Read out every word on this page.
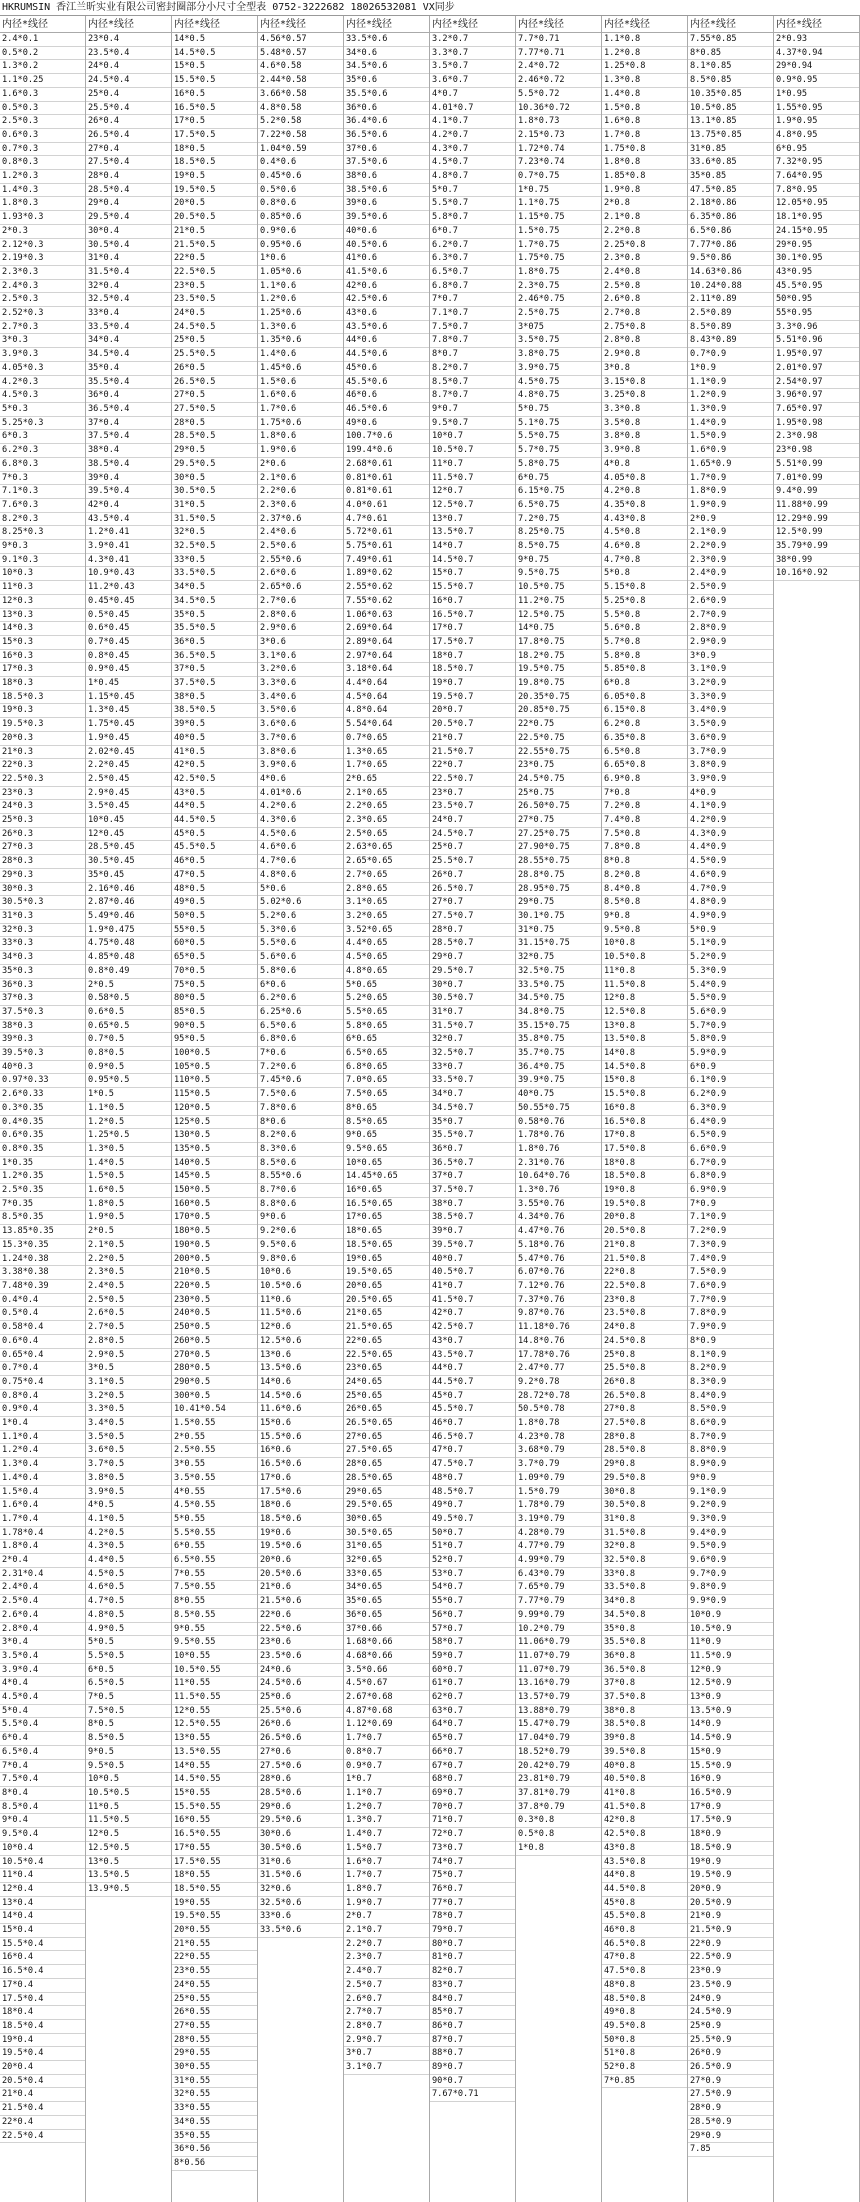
HKRUMSIN 香江兰昕实业有限公司密封圈部分小尺寸全型表 0752-3222682 18026532081 VX同步
内径*线径
2.4*0.1
0.5*0.2
1.3*0.2
1.1*0.25
1.6*0.3
0.5*0.3
2.5*0.3
0.6*0.3
0.7*0.3
0.8*0.3
1.2*0.3
1.4*0.3
1.8*0.3
1.93*0.3
2*0.3
2.12*0.3
2.19*0.3
2.3*0.3
2.4*0.3
2.5*0.3
2.52*0.3
2.7*0.3
3*0.3
3.9*0.3
4.05*0.3
4.2*0.3
4.5*0.3
5*0.3
5.25*0.3
6*0.3
6.2*0.3
6.8*0.3
7*0.3
7.1*0.3
7.6*0.3
8.2*0.3
8.25*0.3
9*0.3
9.1*0.3
10*0.3
11*0.3
12*0.3
13*0.3
14*0.3
15*0.3
16*0.3
17*0.3
18*0.3
18.5*0.3
19*0.3
19.5*0.3
20*0.3
21*0.3
22*0.3
22.5*0.3
23*0.3
24*0.3
25*0.3
26*0.3
27*0.3
28*0.3
29*0.3
30*0.3
30.5*0.3
31*0.3
32*0.3
33*0.3
34*0.3
35*0.3
36*0.3
37*0.3
37.5*0.3
38*0.3
39*0.3
39.5*0.3
40*0.3
0.97*0.33
2.6*0.33
0.3*0.35
0.4*0.35
0.6*0.35
0.8*0.35
1*0.35
1.2*0.35
2.5*0.35
7*0.35
8.5*0.35
13.85*0.35
15.3*0.35
1.24*0.38
3.38*0.38
7.48*0.39
0.4*0.4
0.5*0.4
0.58*0.4
0.6*0.4
0.65*0.4
0.7*0.4
0.75*0.4
0.8*0.4
0.9*0.4
1*0.4
1.1*0.4
1.2*0.4
1.3*0.4
1.4*0.4
1.5*0.4
1.6*0.4
1.7*0.4
1.78*0.4
1.8*0.4
2*0.4
2.31*0.4
2.4*0.4
2.5*0.4
2.6*0.4
2.8*0.4
3*0.4
3.5*0.4
3.9*0.4
4*0.4
4.5*0.4
5*0.4
5.5*0.4
6*0.4
6.5*0.4
7*0.4
7.5*0.4
8*0.4
8.5*0.4
9*0.4
9.5*0.4
10*0.4
10.5*0.4
11*0.4
12*0.4
13*0.4
14*0.4
15*0.4
15.5*0.4
16*0.4
16.5*0.4
17*0.4
17.5*0.4
18*0.4
18.5*0.4
19*0.4
19.5*0.4
20*0.4
20.5*0.4
21*0.4
21.5*0.4
22*0.4
22.5*0.4
内径*线径
23*0.4
23.5*0.4
24*0.4
24.5*0.4
25*0.4
25.5*0.4
26*0.4
26.5*0.4
27*0.4
27.5*0.4
28*0.4
28.5*0.4
29*0.4
29.5*0.4
30*0.4
30.5*0.4
31*0.4
31.5*0.4
32*0.4
32.5*0.4
33*0.4
33.5*0.4
34*0.4
34.5*0.4
35*0.4
35.5*0.4
36*0.4
36.5*0.4
37*0.4
37.5*0.4
38*0.4
38.5*0.4
39*0.4
39.5*0.4
42*0.4
43.5*0.4
1.2*0.41
3.9*0.41
4.3*0.41
10.9*0.43
11.2*0.43
0.45*0.45
0.5*0.45
0.6*0.45
0.7*0.45
0.8*0.45
0.9*0.45
1*0.45
1.15*0.45
1.3*0.45
1.75*0.45
1.9*0.45
2.02*0.45
2.2*0.45
2.5*0.45
2.9*0.45
3.5*0.45
10*0.45
12*0.45
28.5*0.45
30.5*0.45
35*0.45
2.16*0.46
2.87*0.46
5.49*0.46
1.9*0.475
4.75*0.48
4.85*0.48
0.8*0.49
2*0.5
0.58*0.5
0.6*0.5
0.65*0.5
0.7*0.5
0.8*0.5
0.9*0.5
0.95*0.5
1*0.5
1.1*0.5
1.2*0.5
1.25*0.5
1.3*0.5
1.4*0.5
1.5*0.5
1.6*0.5
1.8*0.5
1.9*0.5
2*0.5
2.1*0.5
2.2*0.5
2.3*0.5
2.4*0.5
2.5*0.5
2.6*0.5
2.7*0.5
2.8*0.5
2.9*0.5
3*0.5
3.1*0.5
3.2*0.5
3.3*0.5
3.4*0.5
3.5*0.5
3.6*0.5
3.7*0.5
3.8*0.5
3.9*0.5
4*0.5
4.1*0.5
4.2*0.5
4.3*0.5
4.4*0.5
4.5*0.5
4.6*0.5
4.7*0.5
4.8*0.5
4.9*0.5
5*0.5
5.5*0.5
6*0.5
6.5*0.5
7*0.5
7.5*0.5
8*0.5
8.5*0.5
9*0.5
9.5*0.5
10*0.5
10.5*0.5
11*0.5
11.5*0.5
12*0.5
12.5*0.5
13*0.5
13.5*0.5
13.9*0.5
内径*线径
14*0.5
14.5*0.5
15*0.5
15.5*0.5
16*0.5
16.5*0.5
17*0.5
17.5*0.5
18*0.5
18.5*0.5
19*0.5
19.5*0.5
20*0.5
20.5*0.5
21*0.5
21.5*0.5
22*0.5
22.5*0.5
23*0.5
23.5*0.5
24*0.5
24.5*0.5
25*0.5
25.5*0.5
26*0.5
26.5*0.5
27*0.5
27.5*0.5
28*0.5
28.5*0.5
29*0.5
29.5*0.5
30*0.5
30.5*0.5
31*0.5
31.5*0.5
32*0.5
32.5*0.5
33*0.5
33.5*0.5
34*0.5
34.5*0.5
35*0.5
35.5*0.5
36*0.5
36.5*0.5
37*0.5
37.5*0.5
38*0.5
38.5*0.5
39*0.5
40*0.5
41*0.5
42*0.5
42.5*0.5
43*0.5
44*0.5
44.5*0.5
45*0.5
45.5*0.5
46*0.5
47*0.5
48*0.5
49*0.5
50*0.5
55*0.5
60*0.5
65*0.5
70*0.5
75*0.5
80*0.5
85*0.5
90*0.5
95*0.5
100*0.5
105*0.5
110*0.5
115*0.5
120*0.5
125*0.5
130*0.5
135*0.5
140*0.5
145*0.5
150*0.5
160*0.5
170*0.5
180*0.5
190*0.5
200*0.5
210*0.5
220*0.5
230*0.5
240*0.5
250*0.5
260*0.5
270*0.5
280*0.5
290*0.5
300*0.5
10.41*0.54
1.5*0.55
2*0.55
2.5*0.55
3*0.55
3.5*0.55
4*0.55
4.5*0.55
5*0.55
5.5*0.55
6*0.55
6.5*0.55
7*0.55
7.5*0.55
8*0.55
8.5*0.55
9*0.55
9.5*0.55
10*0.55
10.5*0.55
11*0.55
11.5*0.55
12*0.55
12.5*0.55
13*0.55
13.5*0.55
14*0.55
14.5*0.55
15*0.55
15.5*0.55
16*0.55
16.5*0.55
17*0.55
17.5*0.55
18*0.55
18.5*0.55
19*0.55
19.5*0.55
20*0.55
21*0.55
22*0.55
23*0.55
24*0.55
25*0.55
26*0.55
27*0.55
28*0.55
29*0.55
30*0.55
31*0.55
32*0.55
33*0.55
34*0.55
35*0.55
36*0.56
8*0.56
内径*线径
4.56*0.57
5.48*0.57
4.6*0.58
2.44*0.58
3.66*0.58
4.8*0.58
5.2*0.58
7.22*0.58
1.04*0.59
0.4*0.6
0.45*0.6
0.5*0.6
0.8*0.6
0.85*0.6
0.9*0.6
0.95*0.6
1*0.6
1.05*0.6
1.1*0.6
1.2*0.6
1.25*0.6
1.3*0.6
1.35*0.6
1.4*0.6
1.45*0.6
1.5*0.6
1.6*0.6
1.7*0.6
1.75*0.6
1.8*0.6
1.9*0.6
2*0.6
2.1*0.6
2.2*0.6
2.3*0.6
2.37*0.6
2.4*0.6
2.5*0.6
2.55*0.6
2.6*0.6
2.65*0.6
2.7*0.6
2.8*0.6
2.9*0.6
3*0.6
3.1*0.6
3.2*0.6
3.3*0.6
3.4*0.6
3.5*0.6
3.6*0.6
3.7*0.6
3.8*0.6
3.9*0.6
4*0.6
4.01*0.6
4.2*0.6
4.3*0.6
4.5*0.6
4.6*0.6
4.7*0.6
4.8*0.6
5*0.6
5.02*0.6
5.2*0.6
5.3*0.6
5.5*0.6
5.6*0.6
5.8*0.6
6*0.6
6.2*0.6
6.25*0.6
6.5*0.6
6.8*0.6
7*0.6
7.2*0.6
7.45*0.6
7.5*0.6
7.8*0.6
8*0.6
8.2*0.6
8.3*0.6
8.5*0.6
8.55*0.6
8.7*0.6
8.8*0.6
9*0.6
9.2*0.6
9.5*0.6
9.8*0.6
10*0.6
10.5*0.6
11*0.6
11.5*0.6
12*0.6
12.5*0.6
13*0.6
13.5*0.6
14*0.6
14.5*0.6
11.6*0.6
15*0.6
15.5*0.6
16*0.6
16.5*0.6
17*0.6
17.5*0.6
18*0.6
18.5*0.6
19*0.6
19.5*0.6
20*0.6
20.5*0.6
21*0.6
21.5*0.6
22*0.6
22.5*0.6
23*0.6
23.5*0.6
24*0.6
24.5*0.6
25*0.6
25.5*0.6
26*0.6
26.5*0.6
27*0.6
27.5*0.6
28*0.6
28.5*0.6
29*0.6
29.5*0.6
30*0.6
30.5*0.6
31*0.6
31.5*0.6
32*0.6
32.5*0.6
33*0.6
33.5*0.6
内径*线径
33.5*0.6
34*0.6
34.5*0.6
35*0.6
35.5*0.6
36*0.6
36.4*0.6
36.5*0.6
37*0.6
37.5*0.6
38*0.6
38.5*0.6
39*0.6
39.5*0.6
40*0.6
40.5*0.6
41*0.6
41.5*0.6
42*0.6
42.5*0.6
43*0.6
43.5*0.6
44*0.6
44.5*0.6
45*0.6
45.5*0.6
46*0.6
46.5*0.6
49*0.6
100.7*0.6
199.4*0.6
2.68*0.61
0.81*0.61
0.81*0.61
4.0*0.61
4.7*0.61
5.72*0.61
5.75*0.61
7.49*0.61
1.89*0.62
2.55*0.62
7.55*0.62
1.06*0.63
2.69*0.64
2.89*0.64
2.97*0.64
3.18*0.64
4.4*0.64
4.5*0.64
4.8*0.64
5.54*0.64
0.7*0.65
1.3*0.65
1.7*0.65
2*0.65
2.1*0.65
2.2*0.65
2.3*0.65
2.5*0.65
2.63*0.65
2.65*0.65
2.7*0.65
2.8*0.65
3.1*0.65
3.2*0.65
3.52*0.65
4.4*0.65
4.5*0.65
4.8*0.65
5*0.65
5.2*0.65
5.5*0.65
5.8*0.65
6*0.65
6.5*0.65
6.8*0.65
7.0*0.65
7.5*0.65
8*0.65
8.5*0.65
9*0.65
9.5*0.65
10*0.65
14.45*0.65
16*0.65
16.5*0.65
17*0.65
18*0.65
18.5*0.65
19*0.65
19.5*0.65
20*0.65
20.5*0.65
21*0.65
21.5*0.65
22*0.65
22.5*0.65
23*0.65
24*0.65
25*0.65
26*0.65
26.5*0.65
27*0.65
27.5*0.65
28*0.65
28.5*0.65
29*0.65
29.5*0.65
30*0.65
30.5*0.65
31*0.65
32*0.65
33*0.65
34*0.65
35*0.65
36*0.65
37*0.66
1.68*0.66
4.68*0.66
3.5*0.66
4.5*0.67
2.67*0.68
4.87*0.68
1.12*0.69
1.7*0.7
0.8*0.7
0.9*0.7
1*0.7
1.1*0.7
1.2*0.7
1.3*0.7
1.4*0.7
1.5*0.7
1.6*0.7
1.7*0.7
1.8*0.7
1.9*0.7
2*0.7
2.1*0.7
2.2*0.7
2.3*0.7
2.4*0.7
2.5*0.7
2.6*0.7
2.7*0.7
2.8*0.7
2.9*0.7
3*0.7
3.1*0.7
内径*线径
3.2*0.7
3.3*0.7
3.5*0.7
3.6*0.7
4*0.7
4.01*0.7
4.1*0.7
4.2*0.7
4.3*0.7
4.5*0.7
4.8*0.7
5*0.7
5.5*0.7
5.8*0.7
6*0.7
6.2*0.7
6.3*0.7
6.5*0.7
6.8*0.7
7*0.7
7.1*0.7
7.5*0.7
7.8*0.7
8*0.7
8.2*0.7
8.5*0.7
8.7*0.7
9*0.7
9.5*0.7
10*0.7
10.5*0.7
11*0.7
11.5*0.7
12*0.7
12.5*0.7
13*0.7
13.5*0.7
14*0.7
14.5*0.7
15*0.7
15.5*0.7
16*0.7
16.5*0.7
17*0.7
17.5*0.7
18*0.7
18.5*0.7
19*0.7
19.5*0.7
20*0.7
20.5*0.7
21*0.7
21.5*0.7
22*0.7
22.5*0.7
23*0.7
23.5*0.7
24*0.7
24.5*0.7
25*0.7
25.5*0.7
26*0.7
26.5*0.7
27*0.7
27.5*0.7
28*0.7
28.5*0.7
29*0.7
29.5*0.7
30*0.7
30.5*0.7
31*0.7
31.5*0.7
32*0.7
32.5*0.7
33*0.7
33.5*0.7
34*0.7
34.5*0.7
35*0.7
35.5*0.7
36*0.7
36.5*0.7
37*0.7
37.5*0.7
38*0.7
38.5*0.7
39*0.7
39.5*0.7
40*0.7
40.5*0.7
41*0.7
41.5*0.7
42*0.7
42.5*0.7
43*0.7
43.5*0.7
44*0.7
44.5*0.7
45*0.7
45.5*0.7
46*0.7
46.5*0.7
47*0.7
47.5*0.7
48*0.7
48.5*0.7
49*0.7
49.5*0.7
50*0.7
51*0.7
52*0.7
53*0.7
54*0.7
55*0.7
56*0.7
57*0.7
58*0.7
59*0.7
60*0.7
61*0.7
62*0.7
63*0.7
64*0.7
65*0.7
66*0.7
67*0.7
68*0.7
69*0.7
70*0.7
71*0.7
72*0.7
73*0.7
74*0.7
75*0.7
76*0.7
77*0.7
78*0.7
79*0.7
80*0.7
81*0.7
82*0.7
83*0.7
84*0.7
85*0.7
86*0.7
87*0.7
88*0.7
89*0.7
90*0.7
7.67*0.71
内径*线径
7.7*0.71
7.77*0.71
2.4*0.72
2.46*0.72
5.5*0.72
10.36*0.72
1.8*0.73
2.15*0.73
1.72*0.74
7.23*0.74
0.7*0.75
1*0.75
1.1*0.75
1.15*0.75
1.5*0.75
1.7*0.75
1.75*0.75
1.8*0.75
2.3*0.75
2.46*0.75
2.5*0.75
3*075
3.5*0.75
3.8*0.75
3.9*0.75
4.5*0.75
4.8*0.75
5*0.75
5.1*0.75
5.5*0.75
5.7*0.75
5.8*0.75
6*0.75
6.15*0.75
6.5*0.75
7.2*0.75
8.25*0.75
8.5*0.75
9*0.75
9.5*0.75
10.5*0.75
11.2*0.75
12.5*0.75
14*0.75
17.8*0.75
18.2*0.75
19.5*0.75
19.8*0.75
20.35*0.75
20.85*0.75
22*0.75
22.5*0.75
22.55*0.75
23*0.75
24.5*0.75
25*0.75
26.50*0.75
27*0.75
27.25*0.75
27.90*0.75
28.55*0.75
28.8*0.75
28.95*0.75
29*0.75
30.1*0.75
31*0.75
31.15*0.75
32*0.75
32.5*0.75
33.5*0.75
34.5*0.75
34.8*0.75
35.15*0.75
35.8*0.75
35.7*0.75
36.4*0.75
39.9*0.75
40*0.75
50.55*0.75
0.58*0.76
1.78*0.76
1.8*0.76
2.31*0.76
10.64*0.76
1.3*0.76
3.55*0.76
4.34*0.76
4.47*0.76
5.18*0.76
5.47*0.76
6.07*0.76
7.12*0.76
7.37*0.76
9.87*0.76
11.18*0.76
14.8*0.76
17.78*0.76
2.47*0.77
9.2*0.78
28.72*0.78
50.5*0.78
1.8*0.78
4.23*0.78
3.68*0.79
3.7*0.79
1.09*0.79
1.5*0.79
1.78*0.79
3.19*0.79
4.28*0.79
4.77*0.79
4.99*0.79
6.43*0.79
7.65*0.79
7.77*0.79
9.99*0.79
10.2*0.79
11.06*0.79
11.07*0.79
11.07*0.79
13.16*0.79
13.57*0.79
13.88*0.79
15.47*0.79
17.04*0.79
18.52*0.79
20.42*0.79
23.81*0.79
37.81*0.79
37.8*0.79
0.3*0.8
0.5*0.8
1*0.8
内径*线径
1.1*0.8
1.2*0.8
1.25*0.8
1.3*0.8
1.4*0.8
1.5*0.8
1.6*0.8
1.7*0.8
1.75*0.8
1.8*0.8
1.85*0.8
1.9*0.8
2*0.8
2.1*0.8
2.2*0.8
2.25*0.8
2.3*0.8
2.4*0.8
2.5*0.8
2.6*0.8
2.7*0.8
2.75*0.8
2.8*0.8
2.9*0.8
3*0.8
3.15*0.8
3.25*0.8
3.3*0.8
3.5*0.8
3.8*0.8
3.9*0.8
4*0.8
4.05*0.8
4.2*0.8
4.35*0.8
4.43*0.8
4.5*0.8
4.6*0.8
4.7*0.8
5*0.8
5.15*0.8
5.25*0.8
5.5*0.8
5.6*0.8
5.7*0.8
5.8*0.8
5.85*0.8
6*0.8
6.05*0.8
6.15*0.8
6.2*0.8
6.35*0.8
6.5*0.8
6.65*0.8
6.9*0.8
7*0.8
7.2*0.8
7.4*0.8
7.5*0.8
7.8*0.8
8*0.8
8.2*0.8
8.4*0.8
8.5*0.8
9*0.8
9.5*0.8
10*0.8
10.5*0.8
11*0.8
11.5*0.8
12*0.8
12.5*0.8
13*0.8
13.5*0.8
14*0.8
14.5*0.8
15*0.8
15.5*0.8
16*0.8
16.5*0.8
17*0.8
17.5*0.8
18*0.8
18.5*0.8
19*0.8
19.5*0.8
20*0.8
20.5*0.8
21*0.8
21.5*0.8
22*0.8
22.5*0.8
23*0.8
23.5*0.8
24*0.8
24.5*0.8
25*0.8
25.5*0.8
26*0.8
26.5*0.8
27*0.8
27.5*0.8
28*0.8
28.5*0.8
29*0.8
29.5*0.8
30*0.8
30.5*0.8
31*0.8
31.5*0.8
32*0.8
32.5*0.8
33*0.8
33.5*0.8
34*0.8
34.5*0.8
35*0.8
35.5*0.8
36*0.8
36.5*0.8
37*0.8
37.5*0.8
38*0.8
38.5*0.8
39*0.8
39.5*0.8
40*0.8
40.5*0.8
41*0.8
41.5*0.8
42*0.8
42.5*0.8
43*0.8
43.5*0.8
44*0.8
44.5*0.8
45*0.8
45.5*0.8
46*0.8
46.5*0.8
47*0.8
47.5*0.8
48*0.8
48.5*0.8
49*0.8
49.5*0.8
50*0.8
51*0.8
52*0.8
7*0.85
内径*线径
7.55*0.85
8*0.85
8.1*0.85
8.5*0.85
10.35*0.85
10.5*0.85
13.1*0.85
13.75*0.85
31*0.85
33.6*0.85
35*0.85
47.5*0.85
2.18*0.86
6.35*0.86
6.5*0.86
7.77*0.86
9.5*0.86
14.63*0.86
10.24*0.88
2.11*0.89
2.5*0.89
8.5*0.89
8.43*0.89
0.7*0.9
1*0.9
1.1*0.9
1.2*0.9
1.3*0.9
1.4*0.9
1.5*0.9
1.6*0.9
1.65*0.9
1.7*0.9
1.8*0.9
1.9*0.9
2*0.9
2.1*0.9
2.2*0.9
2.3*0.9
2.4*0.9
2.5*0.9
2.6*0.9
2.7*0.9
2.8*0.9
2.9*0.9
3*0.9
3.1*0.9
3.2*0.9
3.3*0.9
3.4*0.9
3.5*0.9
3.6*0.9
3.7*0.9
3.8*0.9
3.9*0.9
4*0.9
4.1*0.9
4.2*0.9
4.3*0.9
4.4*0.9
4.5*0.9
4.6*0.9
4.7*0.9
4.8*0.9
4.9*0.9
5*0.9
5.1*0.9
5.2*0.9
5.3*0.9
5.4*0.9
5.5*0.9
5.6*0.9
5.7*0.9
5.8*0.9
5.9*0.9
6*0.9
6.1*0.9
6.2*0.9
6.3*0.9
6.4*0.9
6.5*0.9
6.6*0.9
6.7*0.9
6.8*0.9
6.9*0.9
7*0.9
7.1*0.9
7.2*0.9
7.3*0.9
7.4*0.9
7.5*0.9
7.6*0.9
7.7*0.9
7.8*0.9
7.9*0.9
8*0.9
8.1*0.9
8.2*0.9
8.3*0.9
8.4*0.9
8.5*0.9
8.6*0.9
8.7*0.9
8.8*0.9
8.9*0.9
9*0.9
9.1*0.9
9.2*0.9
9.3*0.9
9.4*0.9
9.5*0.9
9.6*0.9
9.7*0.9
9.8*0.9
9.9*0.9
10*0.9
10.5*0.9
11*0.9
11.5*0.9
12*0.9
12.5*0.9
13*0.9
13.5*0.9
14*0.9
14.5*0.9
15*0.9
15.5*0.9
16*0.9
16.5*0.9
17*0.9
17.5*0.9
18*0.9
18.5*0.9
19*0.9
19.5*0.9
20*0.9
20.5*0.9
21*0.9
21.5*0.9
22*0.9
22.5*0.9
23*0.9
23.5*0.9
24*0.9
24.5*0.9
25*0.9
25.5*0.9
26*0.9
26.5*0.9
27*0.9
27.5*0.9
28*0.9
28.5*0.9
29*0.9
7.85
内径*线径
2*0.93
4.37*0.94
29*0.94
0.9*0.95
1*0.95
1.55*0.95
1.9*0.95
4.8*0.95
6*0.95
7.32*0.95
7.64*0.95
7.8*0.95
12.05*0.95
18.1*0.95
24.15*0.95
29*0.95
30.1*0.95
43*0.95
45.5*0.95
50*0.95
55*0.95
3.3*0.96
5.51*0.96
1.95*0.97
2.01*0.97
2.54*0.97
3.96*0.97
7.65*0.97
1.95*0.98
2.3*0.98
23*0.98
5.51*0.99
7.01*0.99
9.4*0.99
11.88*0.99
12.29*0.99
12.5*0.99
35.79*0.99
38*0.99
10.16*0.92
